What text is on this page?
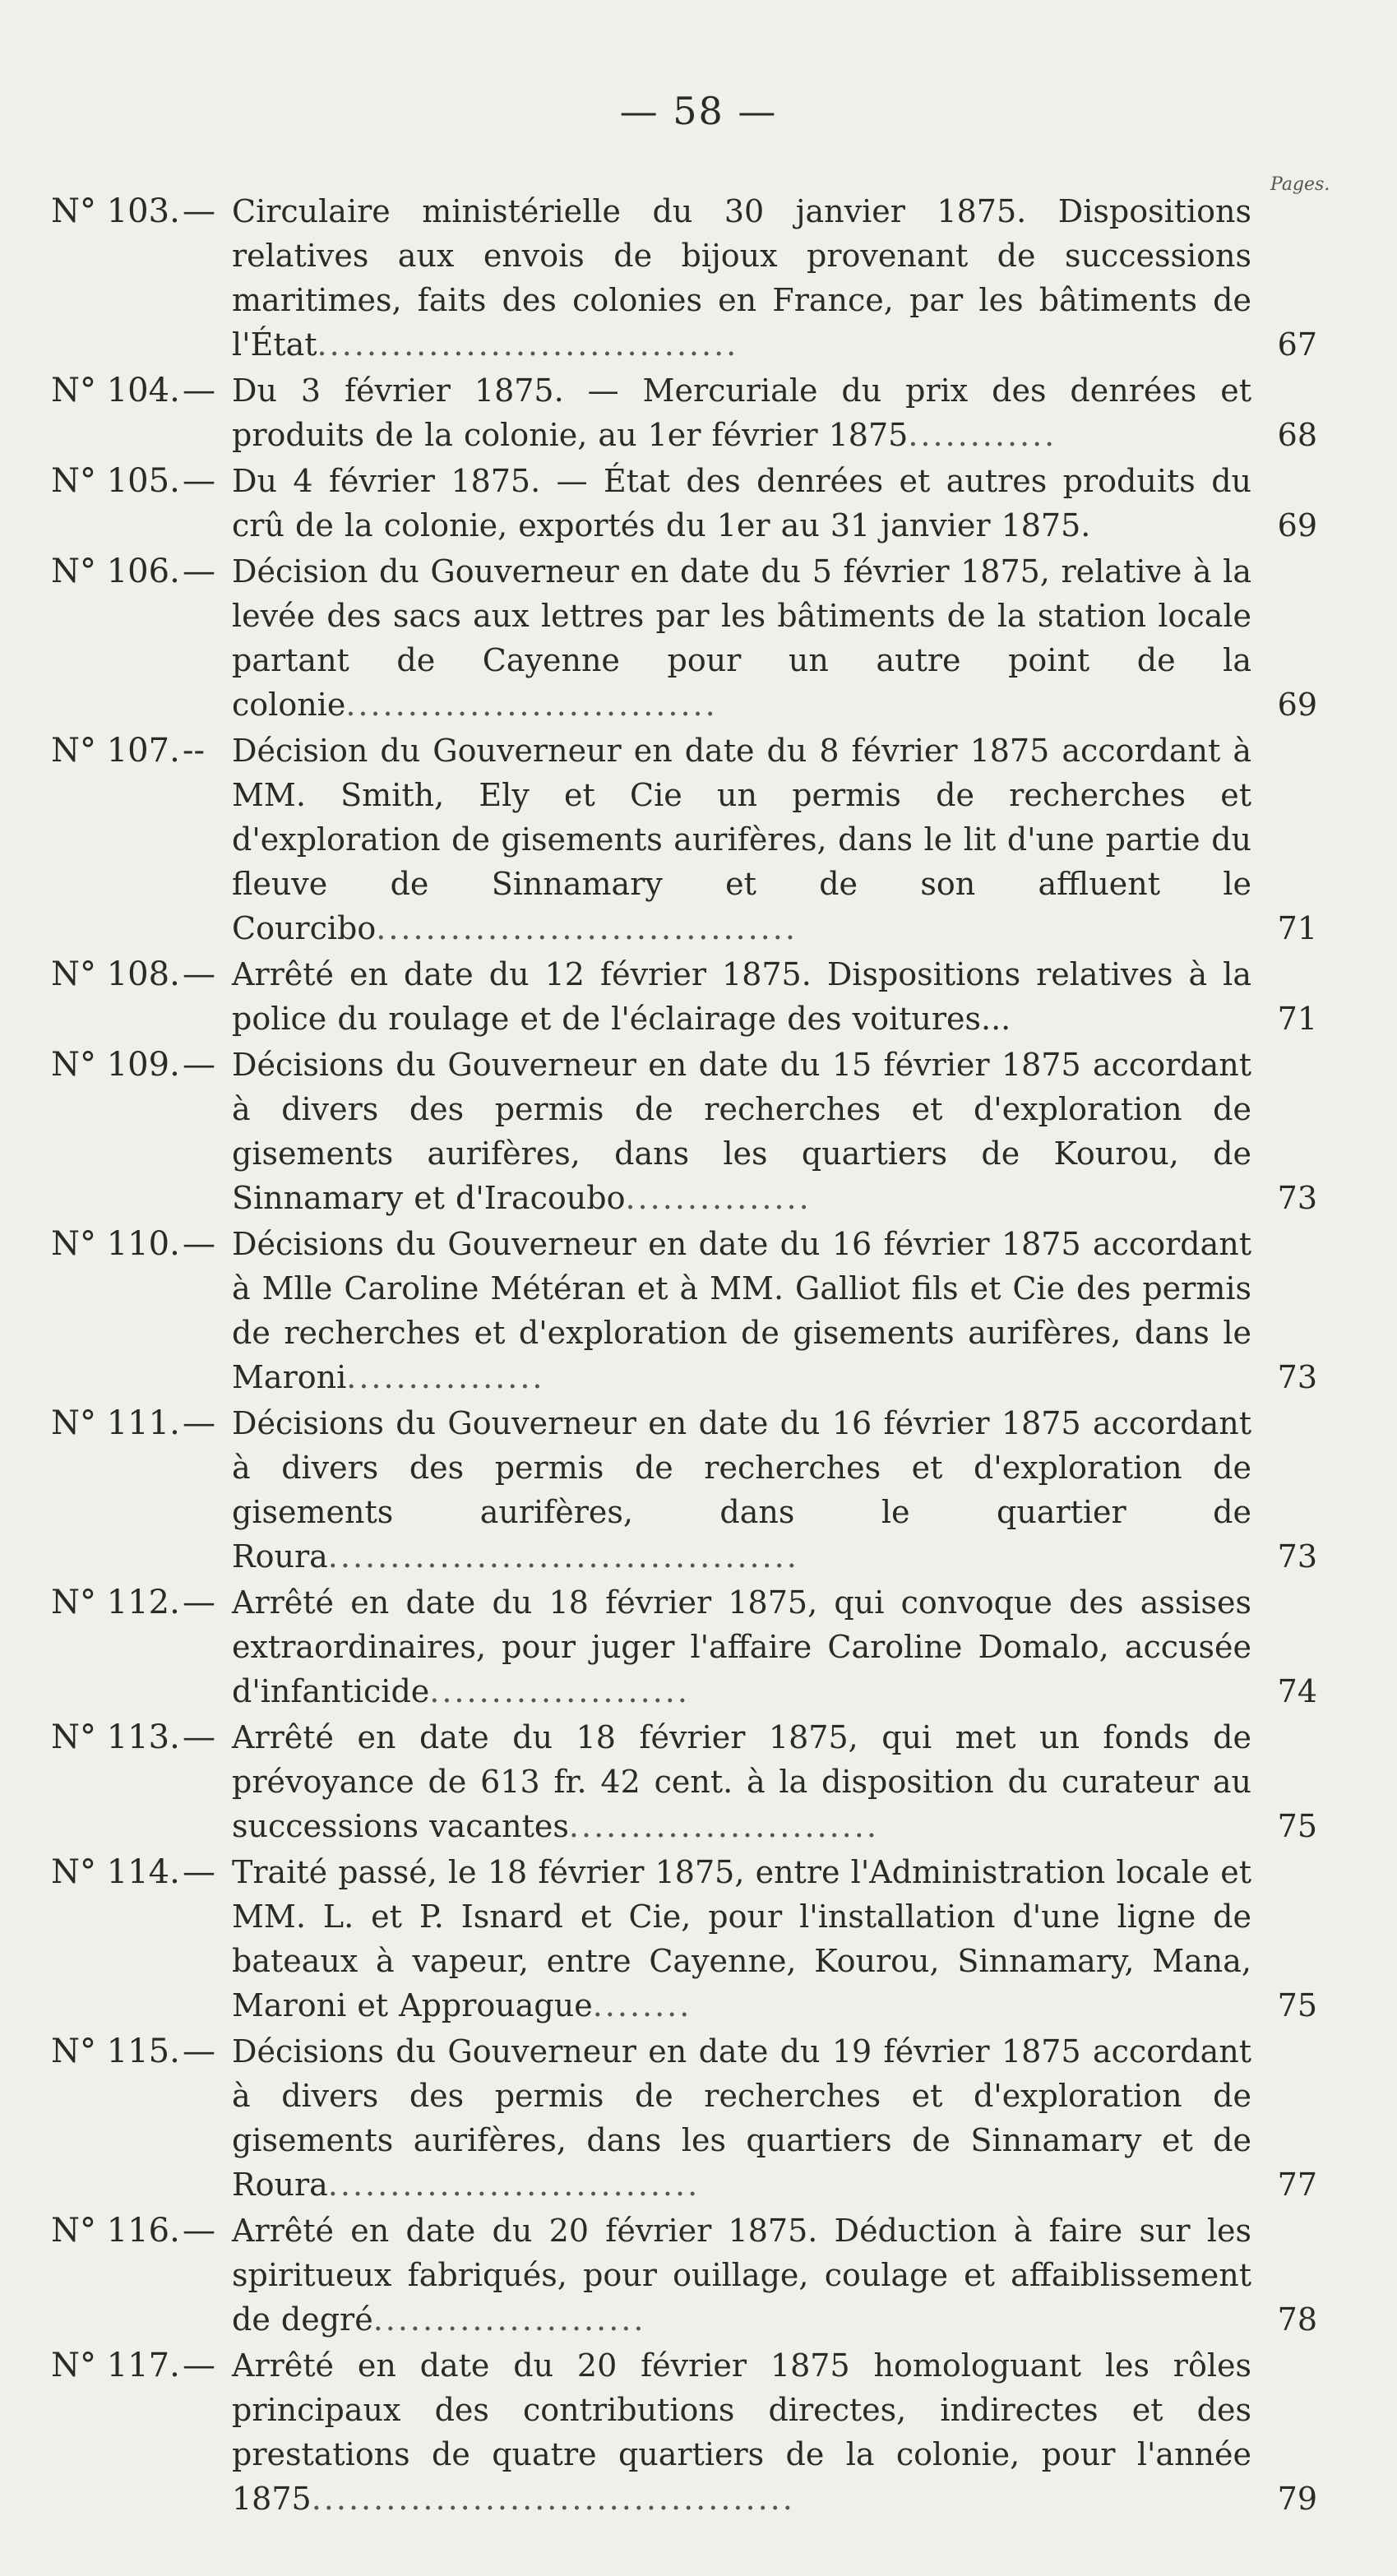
— 58 —
Pages.
N° 103. — Circulaire ministérielle du 30 janvier 1875. Dispositions relatives aux envois de bijoux provenant de successions maritimes, faits des colonies en France, par les bâtiments de l'État..................................	67
N° 104. — Du 3 février 1875. — Mercuriale du prix des denrées et produits de la colonie, au 1er février 1875............	68
N° 105. — Du 4 février 1875. — État des denrées et autres produits du crû de la colonie, exportés du 1er au 31 janvier 1875.	69
N° 106. — Décision du Gouverneur en date du 5 février 1875, relative à la levée des sacs aux lettres par les bâtiments de la station locale partant de Cayenne pour un autre point de la colonie..............................	69
N° 107. -- Décision du Gouverneur en date du 8 février 1875 accordant à MM. Smith, Ely et Cie un permis de recherches et d'exploration de gisements aurifères, dans le lit d'une partie du fleuve de Sinnamary et de son affluent le Courcibo..................................	71
N° 108. — Arrêté en date du 12 février 1875. Dispositions relatives à la police du roulage et de l'éclairage des voitures...	71
N° 109. — Décisions du Gouverneur en date du 15 février 1875 accordant à divers des permis de recherches et d'exploration de gisements aurifères, dans les quartiers de Kourou, de Sinnamary et d'Iracoubo...............	73
N° 110. — Décisions du Gouverneur en date du 16 février 1875 accordant à Mlle Caroline Météran et à MM. Galliot fils et Cie des permis de recherches et d'exploration de gisements aurifères, dans le Maroni................	73
N° 111. — Décisions du Gouverneur en date du 16 février 1875 accordant à divers des permis de recherches et d'exploration de gisements aurifères, dans le quartier de Roura......................................	73
N° 112. — Arrêté en date du 18 février 1875, qui convoque des assises extraordinaires, pour juger l'affaire Caroline Domalo, accusée d'infanticide.....................	74
N° 113. — Arrêté en date du 18 février 1875, qui met un fonds de prévoyance de 613 fr. 42 cent. à la disposition du curateur au successions vacantes.........................	75
N° 114. — Traité passé, le 18 février 1875, entre l'Administration locale et MM. L. et P. Isnard et Cie, pour l'installation d'une ligne de bateaux à vapeur, entre Cayenne, Kourou, Sinnamary, Mana, Maroni et Approuague........	75
N° 115. — Décisions du Gouverneur en date du 19 février 1875 accordant à divers des permis de recherches et d'exploration de gisements aurifères, dans les quartiers de Sinnamary et de Roura..............................	77
N° 116. — Arrêté en date du 20 février 1875. Déduction à faire sur les spiritueux fabriqués, pour ouillage, coulage et affaiblissement de degré......................	78
N° 117. — Arrêté en date du 20 février 1875 homologuant les rôles principaux des contributions directes, indirectes et des prestations de quatre quartiers de la colonie, pour l'année 1875.......................................	79
